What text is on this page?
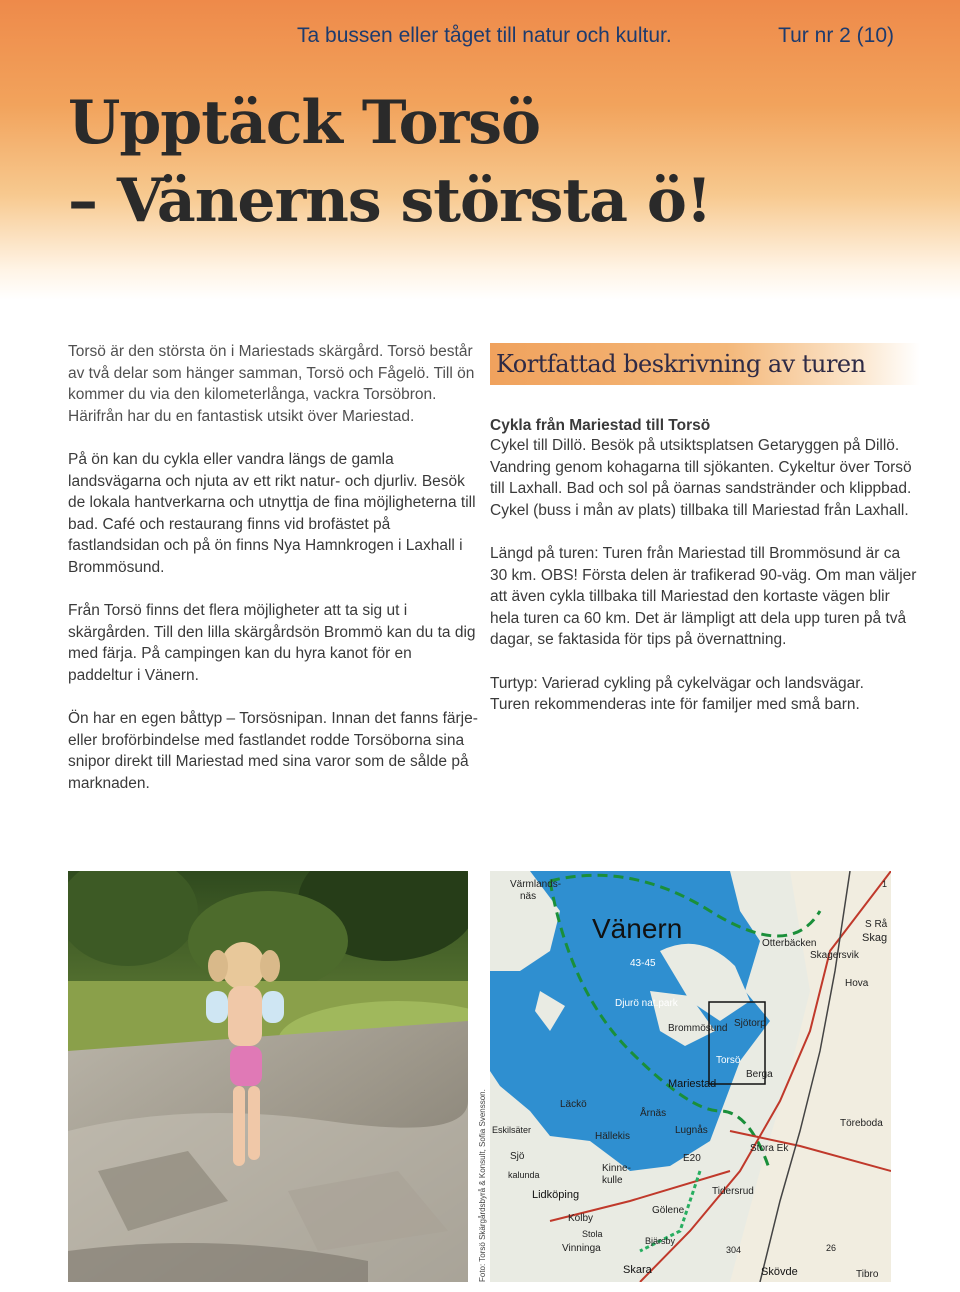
Ta bussen eller tåget till natur och kultur.	Tur nr 2 (10)
Upptäck Torsö
– Vänerns största ö!

Torsö är den största ön i Mariestads skärgård. Torsö består av två delar som hänger samman, Torsö och Fågelö. Till ön kommer du via den kilometerlånga, vackra Torsöbron. Härifrån har du en fantastisk utsikt över Mariestad.

På ön kan du cykla eller vandra längs de gamla landsvägarna och njuta av ett rikt natur- och djurliv. Besök de lokala hantverkarna och utnyttja de fina möjligheterna till bad. Café och restaurang finns vid brofästet på fastlandsidan och på ön finns Nya Hamnkrogen i Laxhall i Brommösund.

Från Torsö finns det flera möjligheter att ta sig ut i skärgården. Till den lilla skärgårdsön Brommö kan du ta dig med färja. På campingen kan du hyra kanot för en paddeltur i Vänern.

Ön har en egen båttyp – Torsösnipan. Innan det fanns färje- eller broförbindelse med fastlandet rodde Torsöborna sina snipor direkt till Mariestad med sina varor som de sålde på marknaden.

Kortfattad beskrivning av turen
Cykla från Mariestad till Torsö

Cykel till Dillö. Besök på utsiktsplatsen Getaryggen på Dillö. Vandring genom kohagarna till sjökanten. Cykeltur över Torsö till Laxhall. Bad och sol på öarnas sandstränder och klippbad. Cykel (buss i mån av plats) tillbaka till Mariestad från Laxhall.

Längd på turen: Turen från Mariestad till Brommösund är ca 30 km. OBS! Första delen är trafikerad 90-väg. Om man väljer att även cykla tillbaka till Mariestad den kortaste vägen blir hela turen ca 60 km. Det är lämpligt att dela upp turen på två dagar, se faktasida för tips på övernattning.

Turtyp: Varierad cykling på cykelvägar och landsvägar.

Turen rekommenderas inte för familjer med små barn.

Foto: Torsö Skärgårdsbyrå & Konsult, Sofia Svensson.
Vänern
Värmlands-
näs
43-45
S Rå
Skag
Otterbäcken
Skagersvik
Djurö nat.park
Hova
Brommösund Sjötorp
Torsö
Berga
Mariestad
Läckö
Årnäs
Lugnås
Hällekis
Töreboda
Stora Ek
Sjö	E20
Kinne-
kulle
Lidköping	Tidersrud
Gölene
Kolby
Vinninga
Skara	Skövde	Tibro
304
1
26
kalunda
Eskilsäter
Stola
Bjärsby
